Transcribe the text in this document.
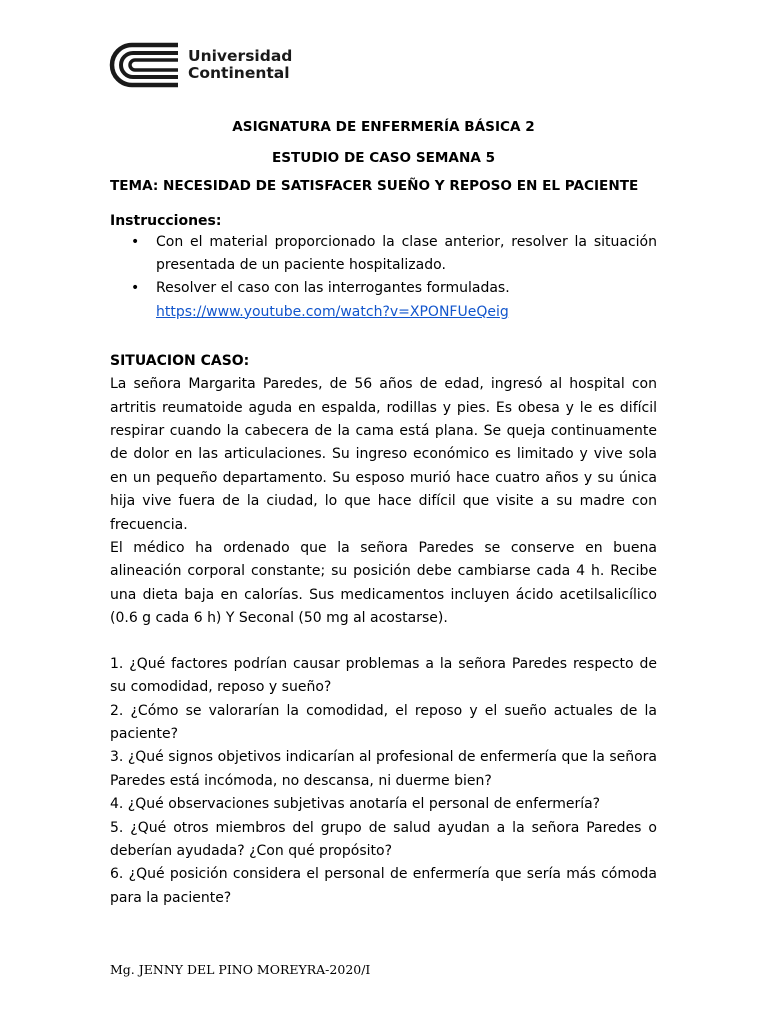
Universidad
Continental

ASIGNATURA DE ENFERMERÍA BÁSICA 2

ESTUDIO DE CASO SEMANA 5

TEMA: NECESIDAD DE SATISFACER SUEÑO Y REPOSO EN EL PACIENTE

Instrucciones:
• Con el material proporcionado la clase anterior, resolver la situación presentada de un paciente hospitalizado.
• Resolver el caso con las interrogantes formuladas.
https://www.youtube.com/watch?v=XPONFUeQeig
SITUACION CASO:

La señora Margarita Paredes, de 56 años de edad, ingresó al hospital con artritis reumatoide aguda en espalda, rodillas y pies. Es obesa y le es difícil respirar cuando la cabecera de la cama está plana. Se queja continuamente de dolor en las articulaciones. Su ingreso económico es limitado y vive sola en un pequeño departamento. Su esposo murió hace cuatro años y su única hija vive fuera de la ciudad, lo que hace difícil que visite a su madre con frecuencia.

El médico ha ordenado que la señora Paredes se conserve en buena alineación corporal constante; su posición debe cambiarse cada 4 h. Recibe una dieta baja en calorías. Sus medicamentos incluyen ácido acetilsalicílico (0.6 g cada 6 h) Y Seconal (50 mg al acostarse).

1. ¿Qué factores podrían causar problemas a la señora Paredes respecto de su comodidad, reposo y sueño?

2. ¿Cómo se valorarían la comodidad, el reposo y el sueño actuales de la paciente?

3. ¿Qué signos objetivos indicarían al profesional de enfermería que la señora Paredes está incómoda, no descansa, ni duerme bien?

4. ¿Qué observaciones subjetivas anotaría el personal de enfermería?

5. ¿Qué otros miembros del grupo de salud ayudan a la señora Paredes o deberían ayudada? ¿Con qué propósito?

6. ¿Qué posición considera el personal de enfermería que sería más cómoda para la paciente?

Mg. JENNY DEL PINO MOREYRA-2020/I
